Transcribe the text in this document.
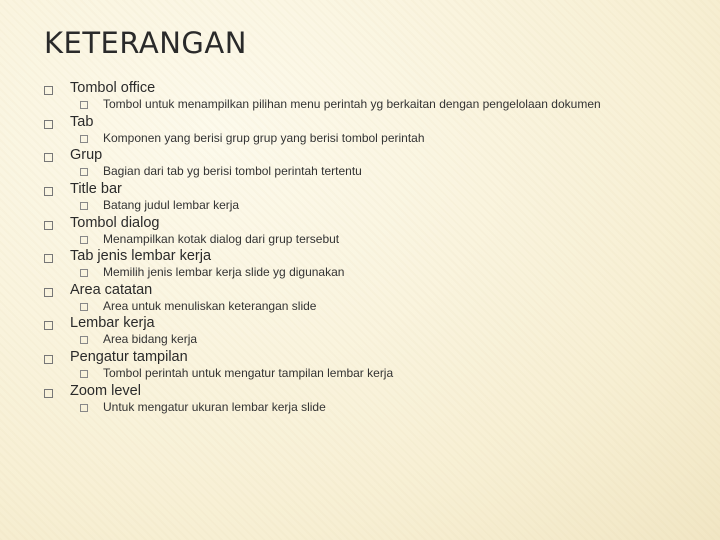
KETERANGAN
Tombol office
Tombol untuk menampilkan pilihan menu perintah yg berkaitan dengan pengelolaan dokumen
Tab
Komponen yang berisi grup grup yang berisi tombol perintah
Grup
Bagian dari tab yg berisi tombol perintah tertentu
Title bar
Batang judul lembar kerja
Tombol dialog
Menampilkan kotak dialog dari grup tersebut
Tab jenis lembar kerja
Memilih jenis lembar kerja slide yg digunakan
Area catatan
Area untuk menuliskan keterangan slide
Lembar kerja
Area bidang kerja
Pengatur tampilan
Tombol perintah untuk mengatur tampilan lembar kerja
Zoom level
Untuk mengatur ukuran lembar kerja slide
